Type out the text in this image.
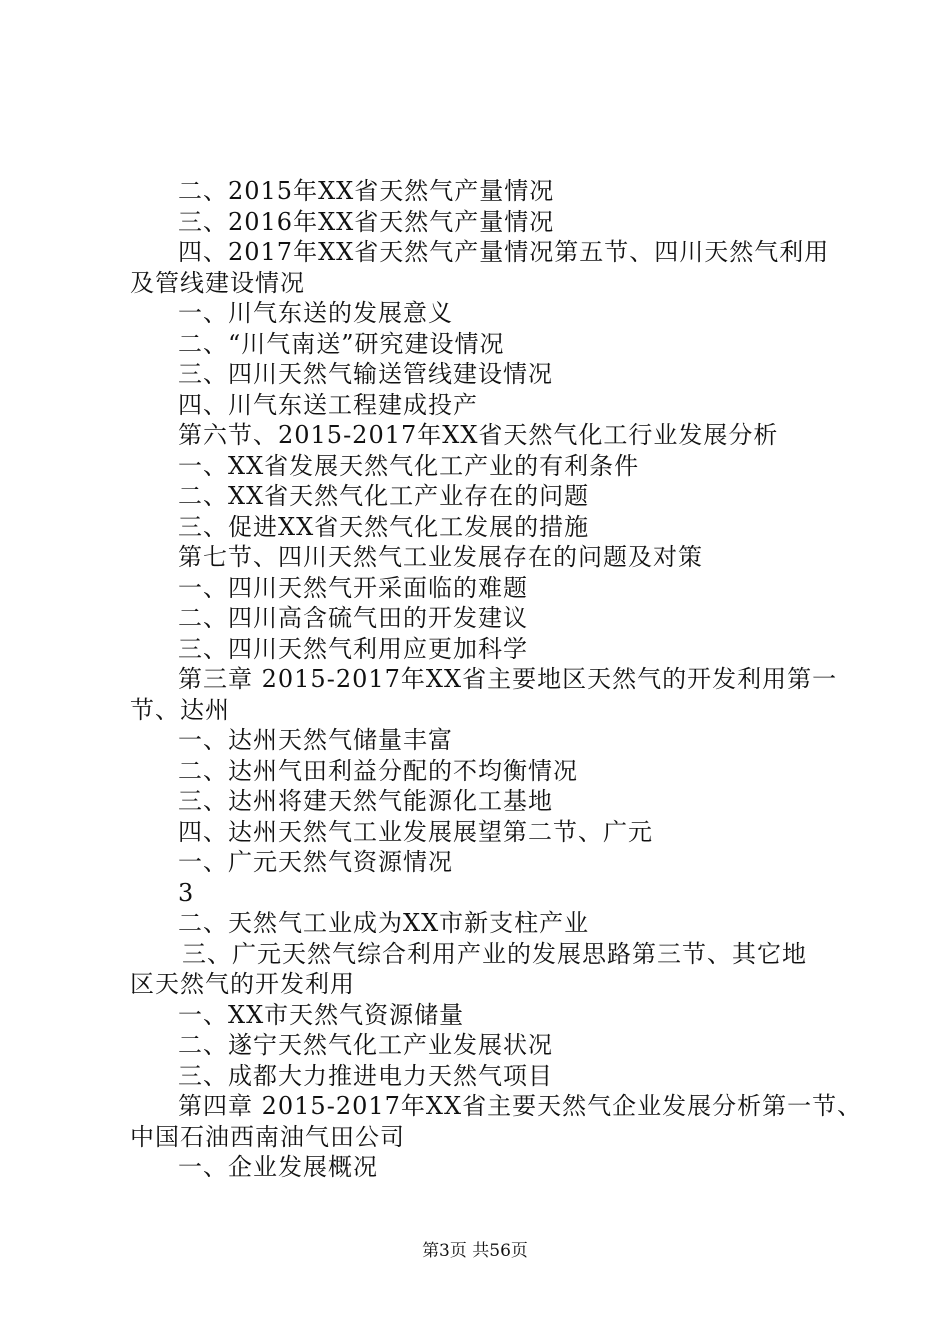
二、2015年XX省天然气产量情况
三、2016年XX省天然气产量情况
四、2017年XX省天然气产量情况第五节、四川天然气利用
及管线建设情况
一、川气东送的发展意义
二、“川气南送”研究建设情况
三、四川天然气输送管线建设情况
四、川气东送工程建成投产
第六节、2015-2017年XX省天然气化工行业发展分析
一、XX省发展天然气化工产业的有利条件
二、XX省天然气化工产业存在的问题
三、促进XX省天然气化工发展的措施
第七节、四川天然气工业发展存在的问题及对策
一、四川天然气开采面临的难题
二、四川高含硫气田的开发建议
三、四川天然气利用应更加科学
第三章 2015-2017年XX省主要地区天然气的开发利用第一
节、达州
一、达州天然气储量丰富
二、达州气田利益分配的不均衡情况
三、达州将建天然气能源化工基地
四、达州天然气工业发展展望第二节、广元
一、广元天然气资源情况
3
二、天然气工业成为XX市新支柱产业
三、广元天然气综合利用产业的发展思路第三节、其它地
区天然气的开发利用
一、XX市天然气资源储量
二、遂宁天然气化工产业发展状况
三、成都大力推进电力天然气项目
第四章 2015-2017年XX省主要天然气企业发展分析第一节、
中国石油西南油气田公司
一、企业发展概况
第3页 共56页
